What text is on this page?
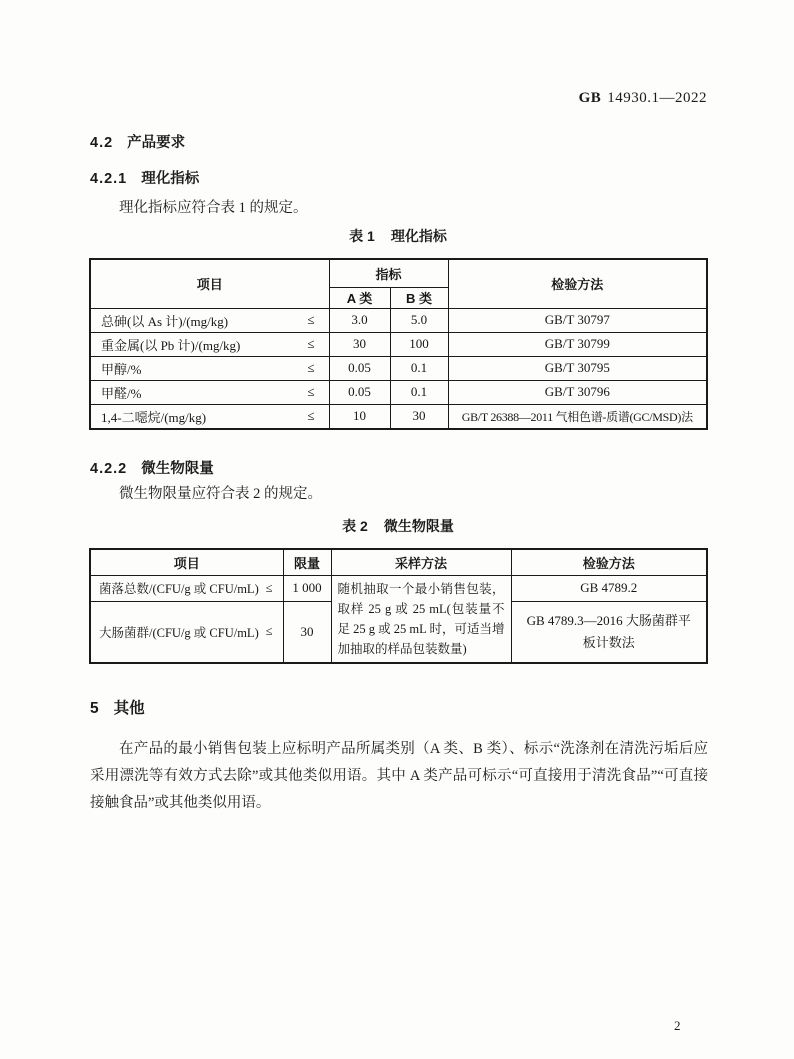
GB 14930.1—2022
4.2 产品要求
4.2.1 理化指标
理化指标应符合表 1 的规定。
表 1 理化指标
项目	指标		检验方法
	A 类	B 类	

总砷(以 As 计)/(mg/kg) ≤	3.0	5.0	GB/T 30797

重金属(以 Pb 计)/(mg/kg) ≤	30	100	GB/T 30799

甲醇/% ≤	0.05	0.1	GB/T 30795

甲醛/% ≤	0.05	0.1	GB/T 30796

1,4-二噁烷/(mg/kg) ≤	10	30	GB/T 26388—2011 气相色谱-质谱(GC/MSD)法
4.2.2 微生物限量
微生物限量应符合表 2 的规定。
表 2 微生物限量
项目	限量	采样方法	检验方法

菌落总数/(CFU/g 或 CFU/mL) ≤	1 000	随机抽取一个最小销售包装，取样 25 g 或 25 mL(包装量不足 25 g 或 25 mL 时，可适当增加抽取的样品包装数量)	GB 4789.2

大肠菌群/(CFU/g 或 CFU/mL) ≤	30		GB 4789.3—2016 大肠菌群平板计数法
5 其他
在产品的最小销售包装上应标明产品所属类别（A 类、B 类）、标示“洗涤剂在清洗污垢后应采用漂洗等有效方式去除”或其他类似用语。其中 A 类产品可标示“可直接用于清洗食品”“可直接接触食品”或其他类似用语。
2
